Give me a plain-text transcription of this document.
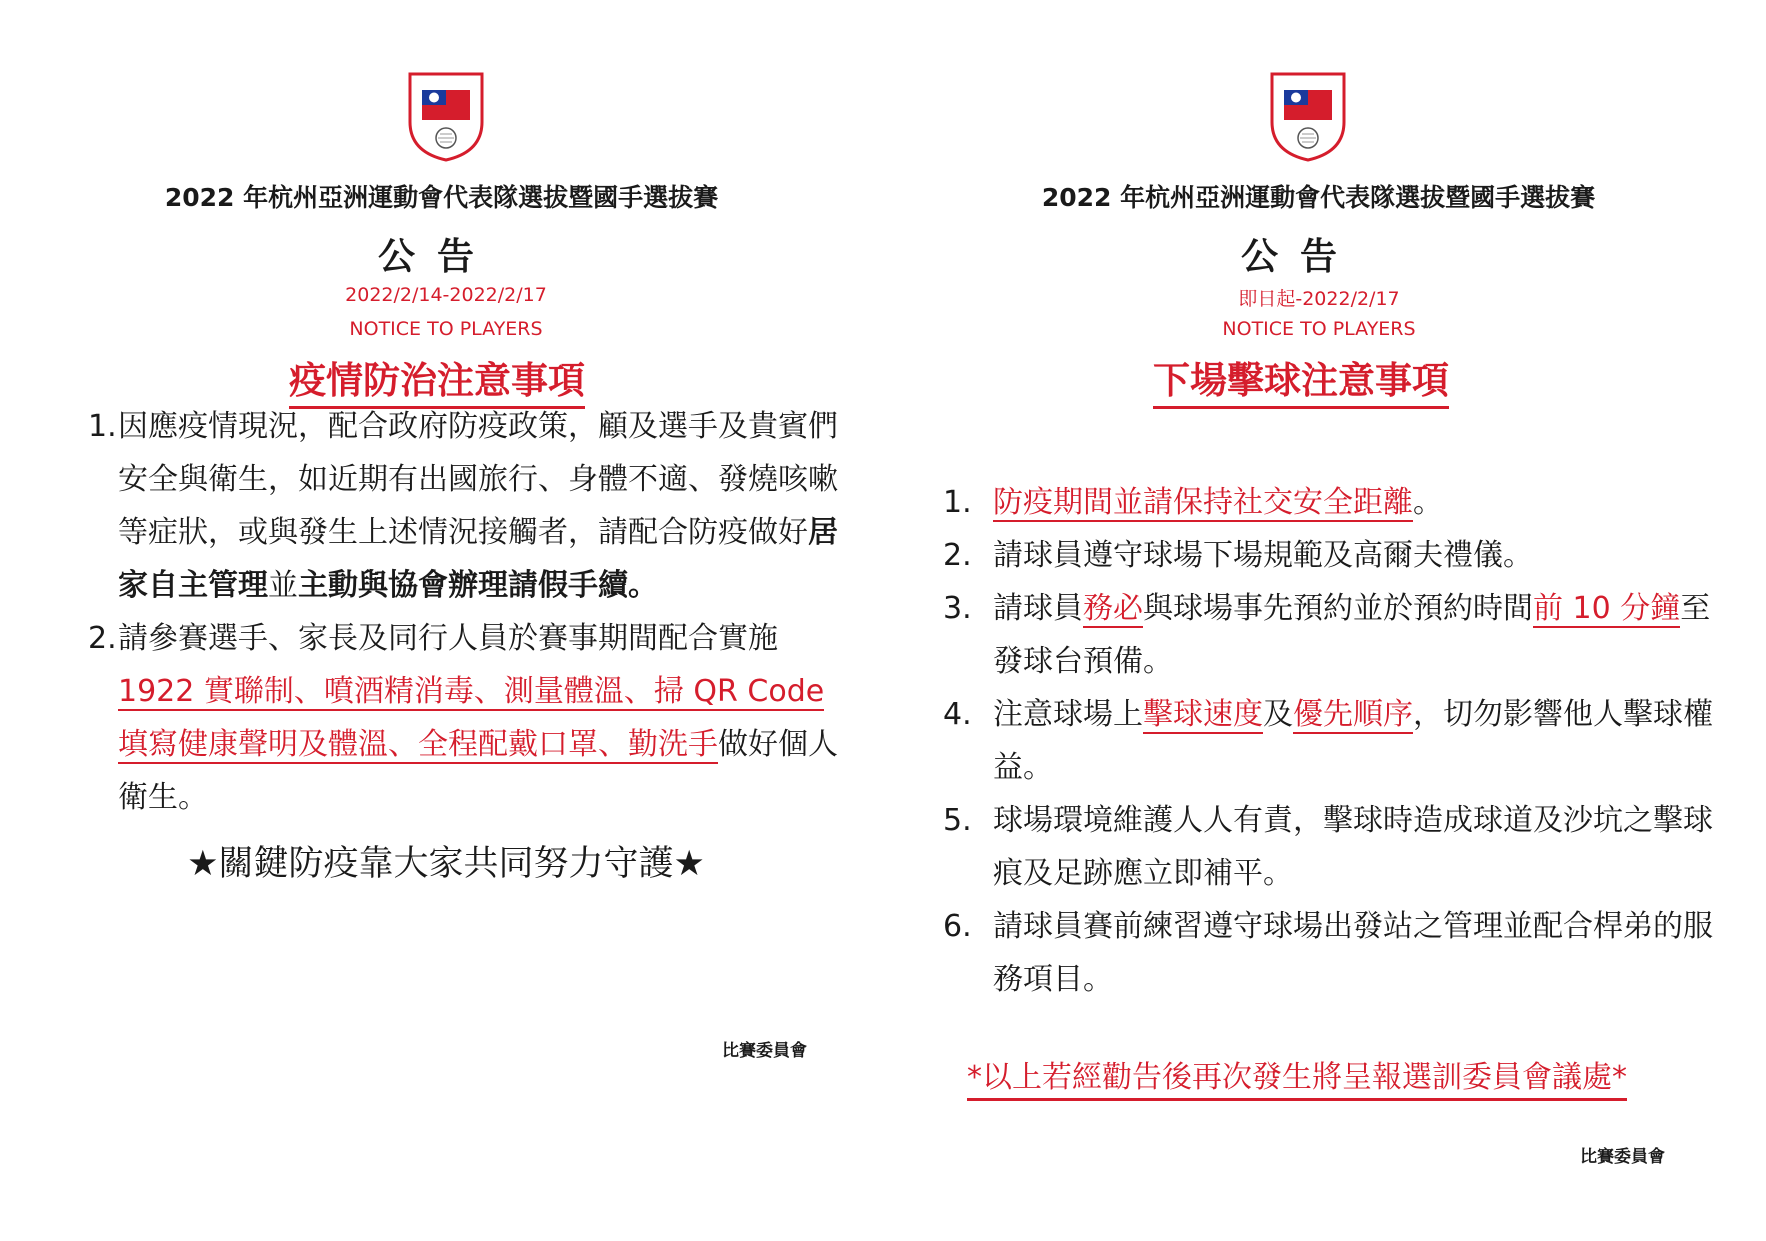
2022 年杭州亞洲運動會代表隊選拔暨國手選拔賽
公告
2022/2/14-2022/2/17
NOTICE TO PLAYERS
疫情防治注意事項
1. 因應疫情現況，配合政府防疫政策，顧及選手及貴賓們安全與衛生，如近期有出國旅行、身體不適、發燒咳嗽等症狀，或與發生上述情況接觸者，請配合防疫做好居家自主管理並主動與協會辦理請假手續。
2. 請參賽選手、家長及同行人員於賽事期間配合實施1922 實聯制、噴酒精消毒、測量體溫、掃 QR Code 填寫健康聲明及體溫、全程配戴口罩、勤洗手做好個人衛生。
★關鍵防疫靠大家共同努力守護★
比賽委員會
2022 年杭州亞洲運動會代表隊選拔暨國手選拔賽
公告
即日起-2022/2/17
NOTICE TO PLAYERS
下場擊球注意事項
1. 防疫期間並請保持社交安全距離。
2. 請球員遵守球場下場規範及高爾夫禮儀。
3. 請球員務必與球場事先預約並於預約時間前 10 分鐘至發球台預備。
4. 注意球場上擊球速度及優先順序，切勿影響他人擊球權益。
5. 球場環境維護人人有責，擊球時造成球道及沙坑之擊球痕及足跡應立即補平。
6. 請球員賽前練習遵守球場出發站之管理並配合桿弟的服務項目。
*以上若經勸告後再次發生將呈報選訓委員會議處*
比賽委員會
